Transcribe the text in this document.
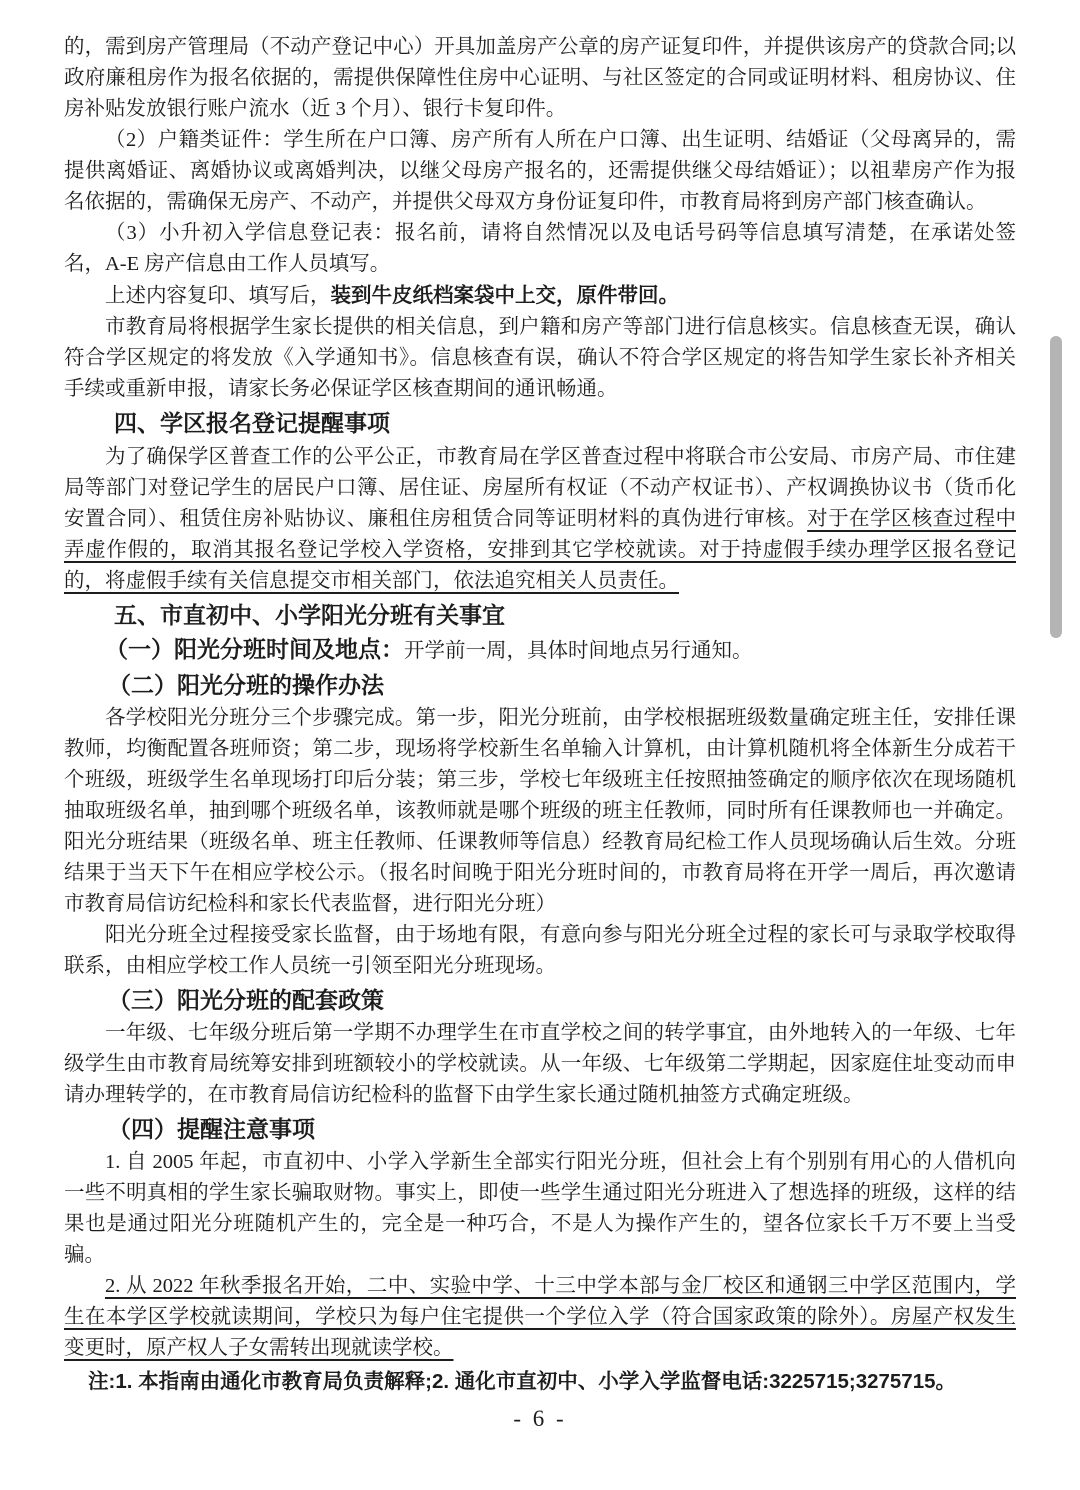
的，需到房产管理局（不动产登记中心）开具加盖房产公章的房产证复印件，并提供该房产的贷款合同;以政府廉租房作为报名依据的，需提供保障性住房中心证明、与社区签定的合同或证明材料、租房协议、住房补贴发放银行账户流水（近 3 个月）、银行卡复印件。

（2）户籍类证件：学生所在户口簿、房产所有人所在户口簿、出生证明、结婚证（父母离异的，需提供离婚证、离婚协议或离婚判决，以继父母房产报名的，还需提供继父母结婚证）；以祖辈房产作为报名依据的，需确保无房产、不动产，并提供父母双方身份证复印件，市教育局将到房产部门核查确认。

（3）小升初入学信息登记表：报名前，请将自然情况以及电话号码等信息填写清楚，在承诺处签名，A-E 房产信息由工作人员填写。

上述内容复印、填写后，装到牛皮纸档案袋中上交，原件带回。

市教育局将根据学生家长提供的相关信息，到户籍和房产等部门进行信息核实。信息核查无误，确认符合学区规定的将发放《入学通知书》。信息核查有误，确认不符合学区规定的将告知学生家长补齐相关手续或重新申报，请家长务必保证学区核查期间的通讯畅通。

四、学区报名登记提醒事项

为了确保学区普查工作的公平公正，市教育局在学区普查过程中将联合市公安局、市房产局、市住建局等部门对登记学生的居民户口簿、居住证、房屋所有权证（不动产权证书）、产权调换协议书（货币化安置合同）、租赁住房补贴协议、廉租住房租赁合同等证明材料的真伪进行审核。对于在学区核查过程中弄虚作假的，取消其报名登记学校入学资格，安排到其它学校就读。对于持虚假手续办理学区报名登记的，将虚假手续有关信息提交市相关部门，依法追究相关人员责任。

五、市直初中、小学阳光分班有关事宜

（一）阳光分班时间及地点：开学前一周，具体时间地点另行通知。

（二）阳光分班的操作办法

各学校阳光分班分三个步骤完成。第一步，阳光分班前，由学校根据班级数量确定班主任，安排任课教师，均衡配置各班师资；第二步，现场将学校新生名单输入计算机，由计算机随机将全体新生分成若干个班级，班级学生名单现场打印后分装；第三步，学校七年级班主任按照抽签确定的顺序依次在现场随机抽取班级名单，抽到哪个班级名单，该教师就是哪个班级的班主任教师，同时所有任课教师也一并确定。阳光分班结果（班级名单、班主任教师、任课教师等信息）经教育局纪检工作人员现场确认后生效。分班结果于当天下午在相应学校公示。（报名时间晚于阳光分班时间的，市教育局将在开学一周后，再次邀请市教育局信访纪检科和家长代表监督，进行阳光分班）

阳光分班全过程接受家长监督，由于场地有限，有意向参与阳光分班全过程的家长可与录取学校取得联系，由相应学校工作人员统一引领至阳光分班现场。

（三）阳光分班的配套政策

一年级、七年级分班后第一学期不办理学生在市直学校之间的转学事宜，由外地转入的一年级、七年级学生由市教育局统筹安排到班额较小的学校就读。从一年级、七年级第二学期起，因家庭住址变动而申请办理转学的，在市教育局信访纪检科的监督下由学生家长通过随机抽签方式确定班级。

（四）提醒注意事项

1. 自 2005 年起，市直初中、小学入学新生全部实行阳光分班，但社会上有个别别有用心的人借机向一些不明真相的学生家长骗取财物。事实上，即使一些学生通过阳光分班进入了想选择的班级，这样的结果也是通过阳光分班随机产生的，完全是一种巧合，不是人为操作产生的，望各位家长千万不要上当受骗。

2. 从 2022 年秋季报名开始，二中、实验中学、十三中学本部与金厂校区和通钢三中学区范围内，学生在本学区学校就读期间，学校只为每户住宅提供一个学位入学（符合国家政策的除外）。房屋产权发生变更时，原产权人子女需转出现就读学校。

注:1. 本指南由通化市教育局负责解释;2. 通化市直初中、小学入学监督电话:3225715;3275715。

- 6 -
